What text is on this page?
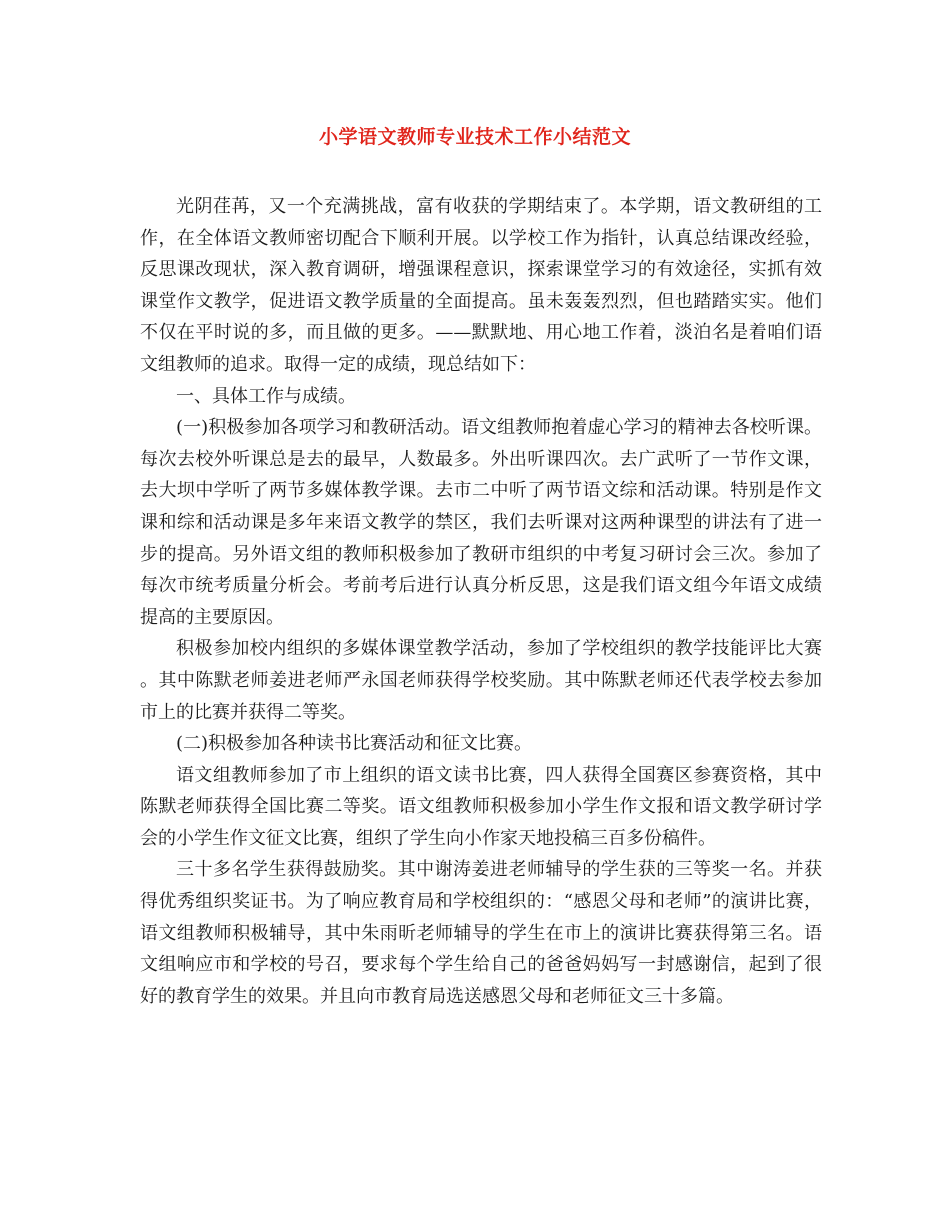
小学语文教师专业技术工作小结范文

光阴荏苒，又一个充满挑战，富有收获的学期结束了。本学期，语文教研组的工作，在全体语文教师密切配合下顺利开展。以学校工作为指针，认真总结课改经验，反思课改现状，深入教育调研，增强课程意识，探索课堂学习的有效途径，实抓有效课堂作文教学，促进语文教学质量的全面提高。虽未轰轰烈烈，但也踏踏实实。他们不仅在平时说的多，而且做的更多。——默默地、用心地工作着，淡泊名是着咱们语文组教师的追求。取得一定的成绩，现总结如下：

一、具体工作与成绩。

(一)积极参加各项学习和教研活动。语文组教师抱着虚心学习的精神去各校听课。每次去校外听课总是去的最早，人数最多。外出听课四次。去广武听了一节作文课，去大坝中学听了两节多媒体教学课。去市二中听了两节语文综和活动课。特别是作文课和综和活动课是多年来语文教学的禁区，我们去听课对这两种课型的讲法有了进一步的提高。另外语文组的教师积极参加了教研市组织的中考复习研讨会三次。参加了每次市统考质量分析会。考前考后进行认真分析反思，这是我们语文组今年语文成绩提高的主要原因。

积极参加校内组织的多媒体课堂教学活动，参加了学校组织的教学技能评比大赛 。其中陈默老师姜进老师严永国老师获得学校奖励。其中陈默老师还代表学校去参加市上的比赛并获得二等奖。

(二)积极参加各种读书比赛活动和征文比赛。

语文组教师参加了市上组织的语文读书比赛，四人获得全国赛区参赛资格，其中陈默老师获得全国比赛二等奖。语文组教师积极参加小学生作文报和语文教学研讨学会的小学生作文征文比赛，组织了学生向小作家天地投稿三百多份稿件。

三十多名学生获得鼓励奖。其中谢涛姜进老师辅导的学生获的三等奖一名。并获得优秀组织奖证书。为了响应教育局和学校组织的：“感恩父母和老师”的演讲比赛，语文组教师积极辅导，其中朱雨昕老师辅导的学生在市上的演讲比赛获得第三名。语文组响应市和学校的号召，要求每个学生给自己的爸爸妈妈写一封感谢信，起到了很好的教育学生的效果。并且向市教育局选送感恩父母和老师征文三十多篇。
